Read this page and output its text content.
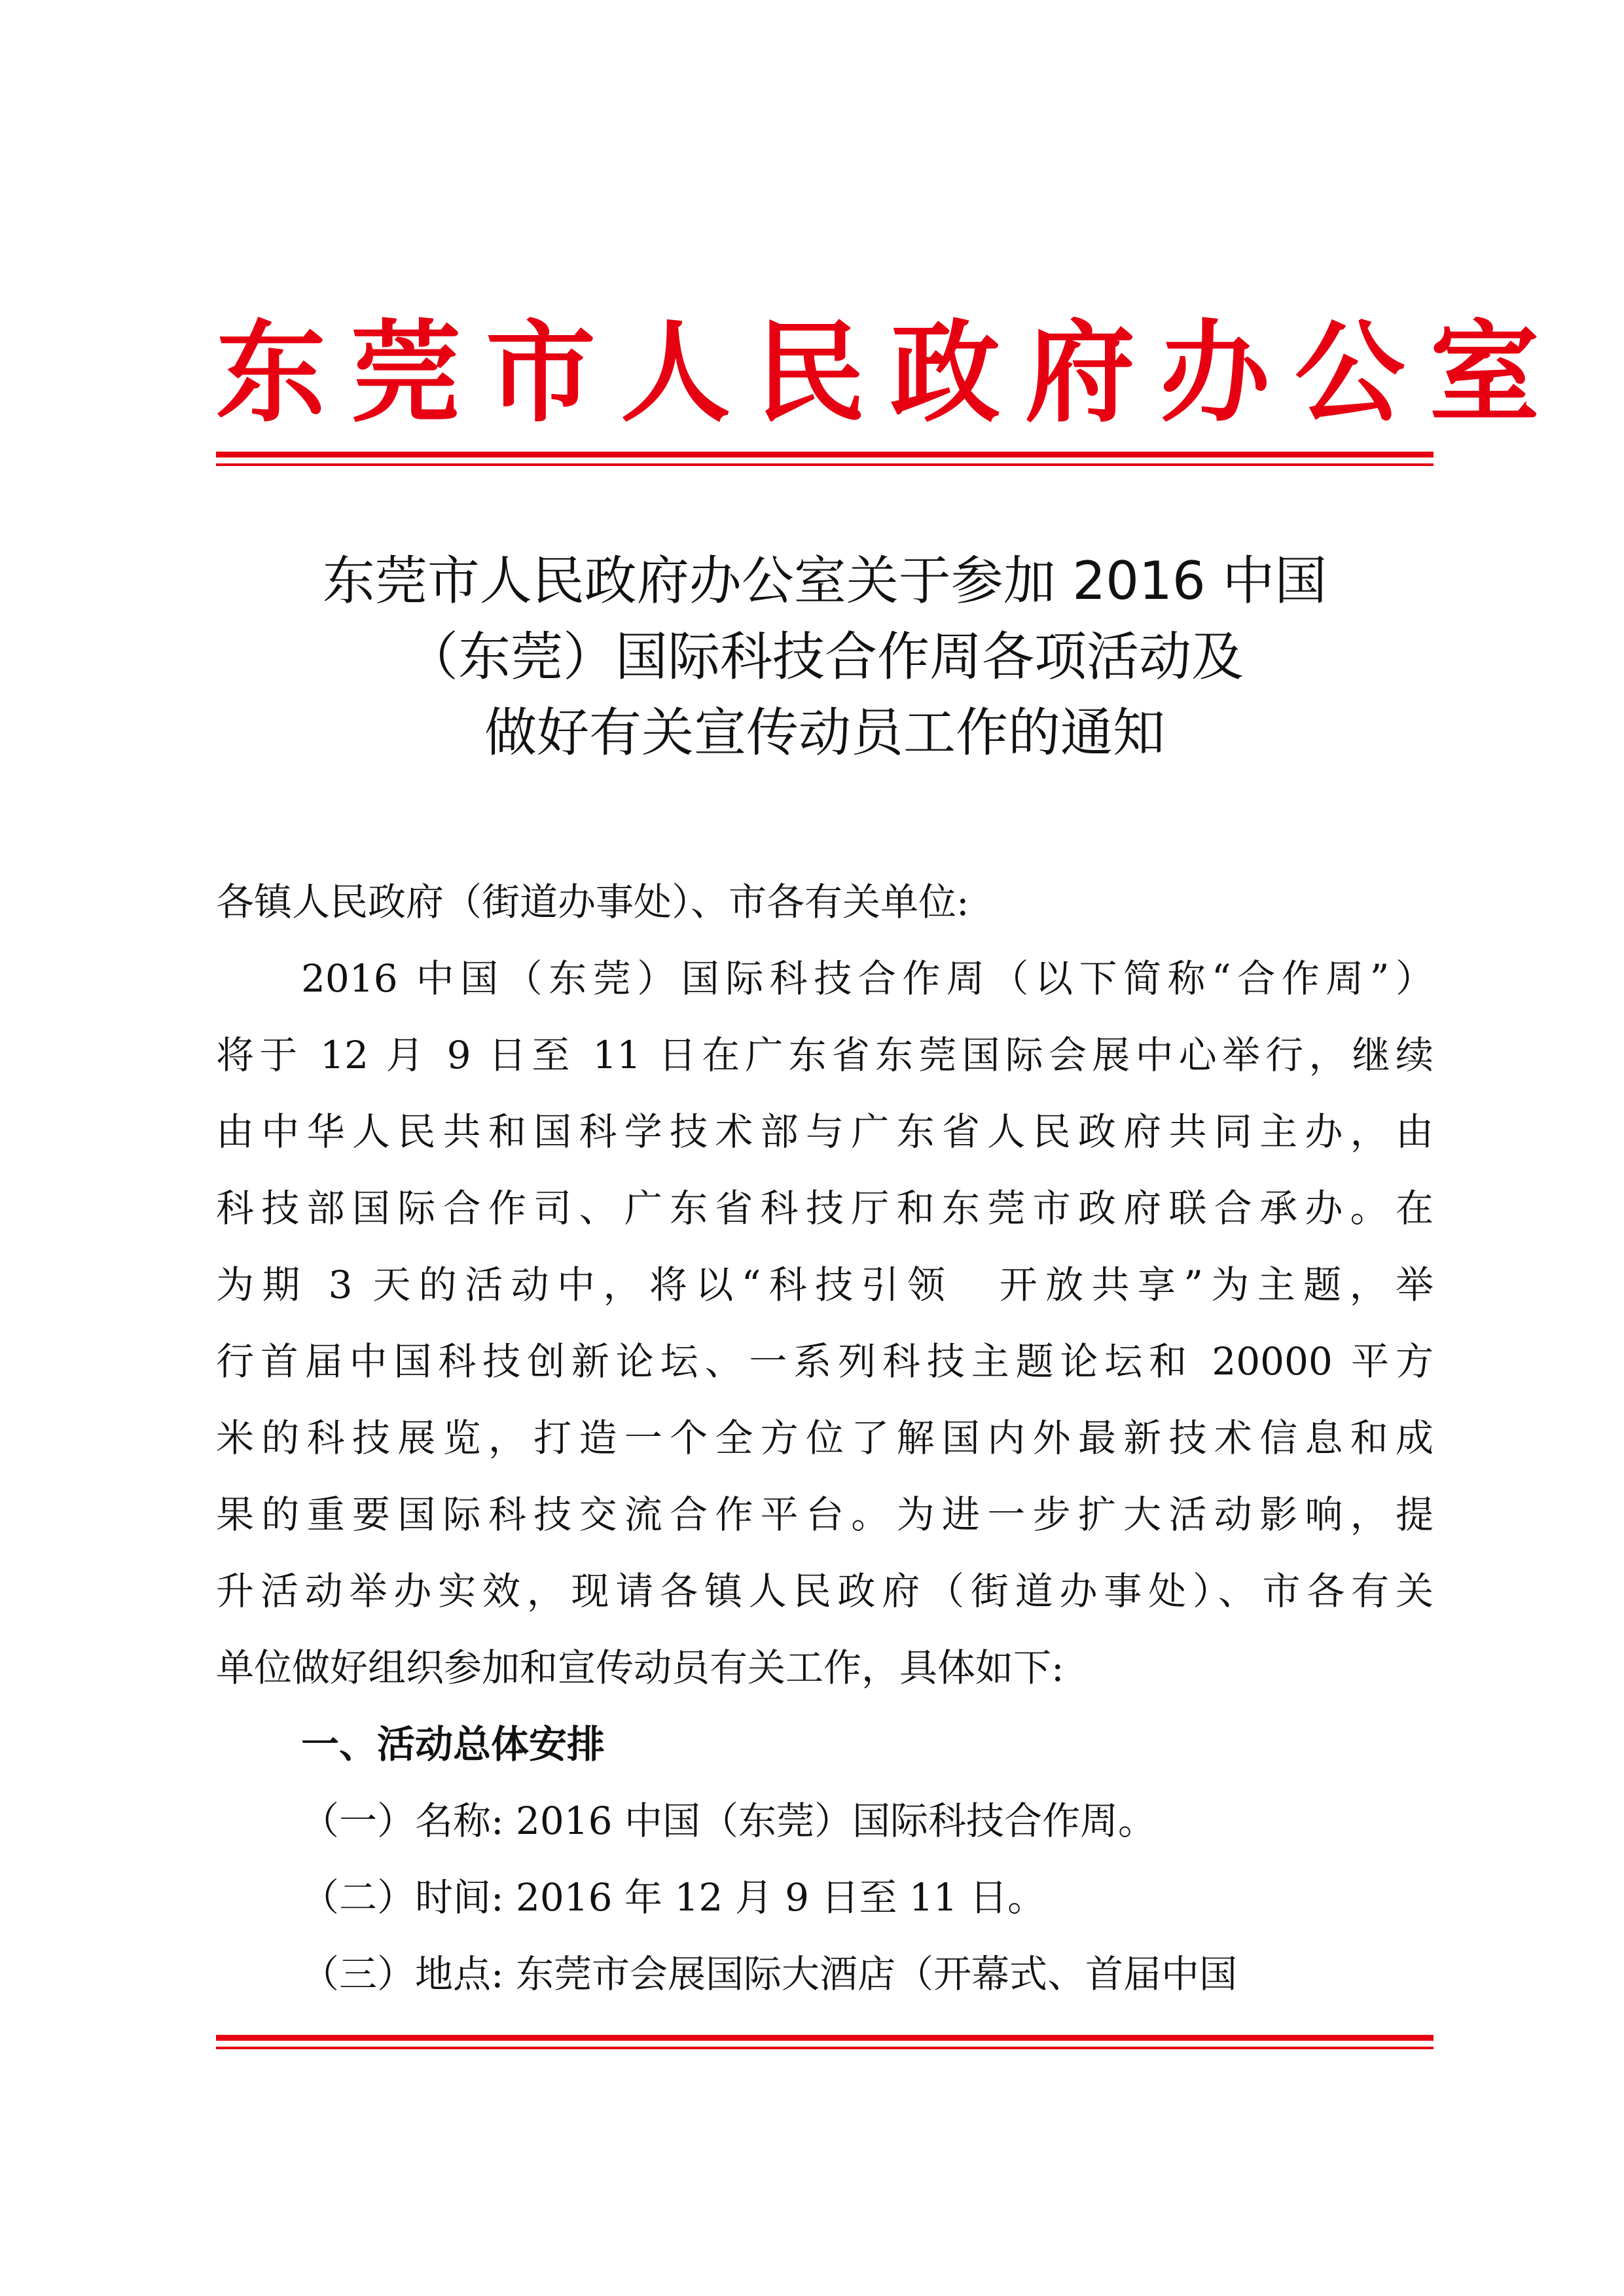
东莞市人民政府办公室
东莞市人民政府办公室关于参加 2016 中国
（东莞）国际科技合作周各项活动及
做好有关宣传动员工作的通知
各镇人民政府（街道办事处）、市各有关单位:
2016 中国（东莞）国际科技合作周（以下简称“合作周”）
将于 12 月 9 日至 11 日在广东省东莞国际会展中心举行，继续
由中华人民共和国科学技术部与广东省人民政府共同主办，由
科技部国际合作司、广东省科技厅和东莞市政府联合承办。在
为期 3 天的活动中，将以“科技引领　开放共享”为主题，举
行首届中国科技创新论坛、一系列科技主题论坛和 20000 平方
米的科技展览，打造一个全方位了解国内外最新技术信息和成
果的重要国际科技交流合作平台。为进一步扩大活动影响，提
升活动举办实效，现请各镇人民政府（街道办事处）、市各有关
单位做好组织参加和宣传动员有关工作，具体如下:
一、活动总体安排
（一）名称: 2016 中国（东莞）国际科技合作周。
（二）时间: 2016 年 12 月 9 日至 11 日。
（三）地点: 东莞市会展国际大酒店（开幕式、首届中国
